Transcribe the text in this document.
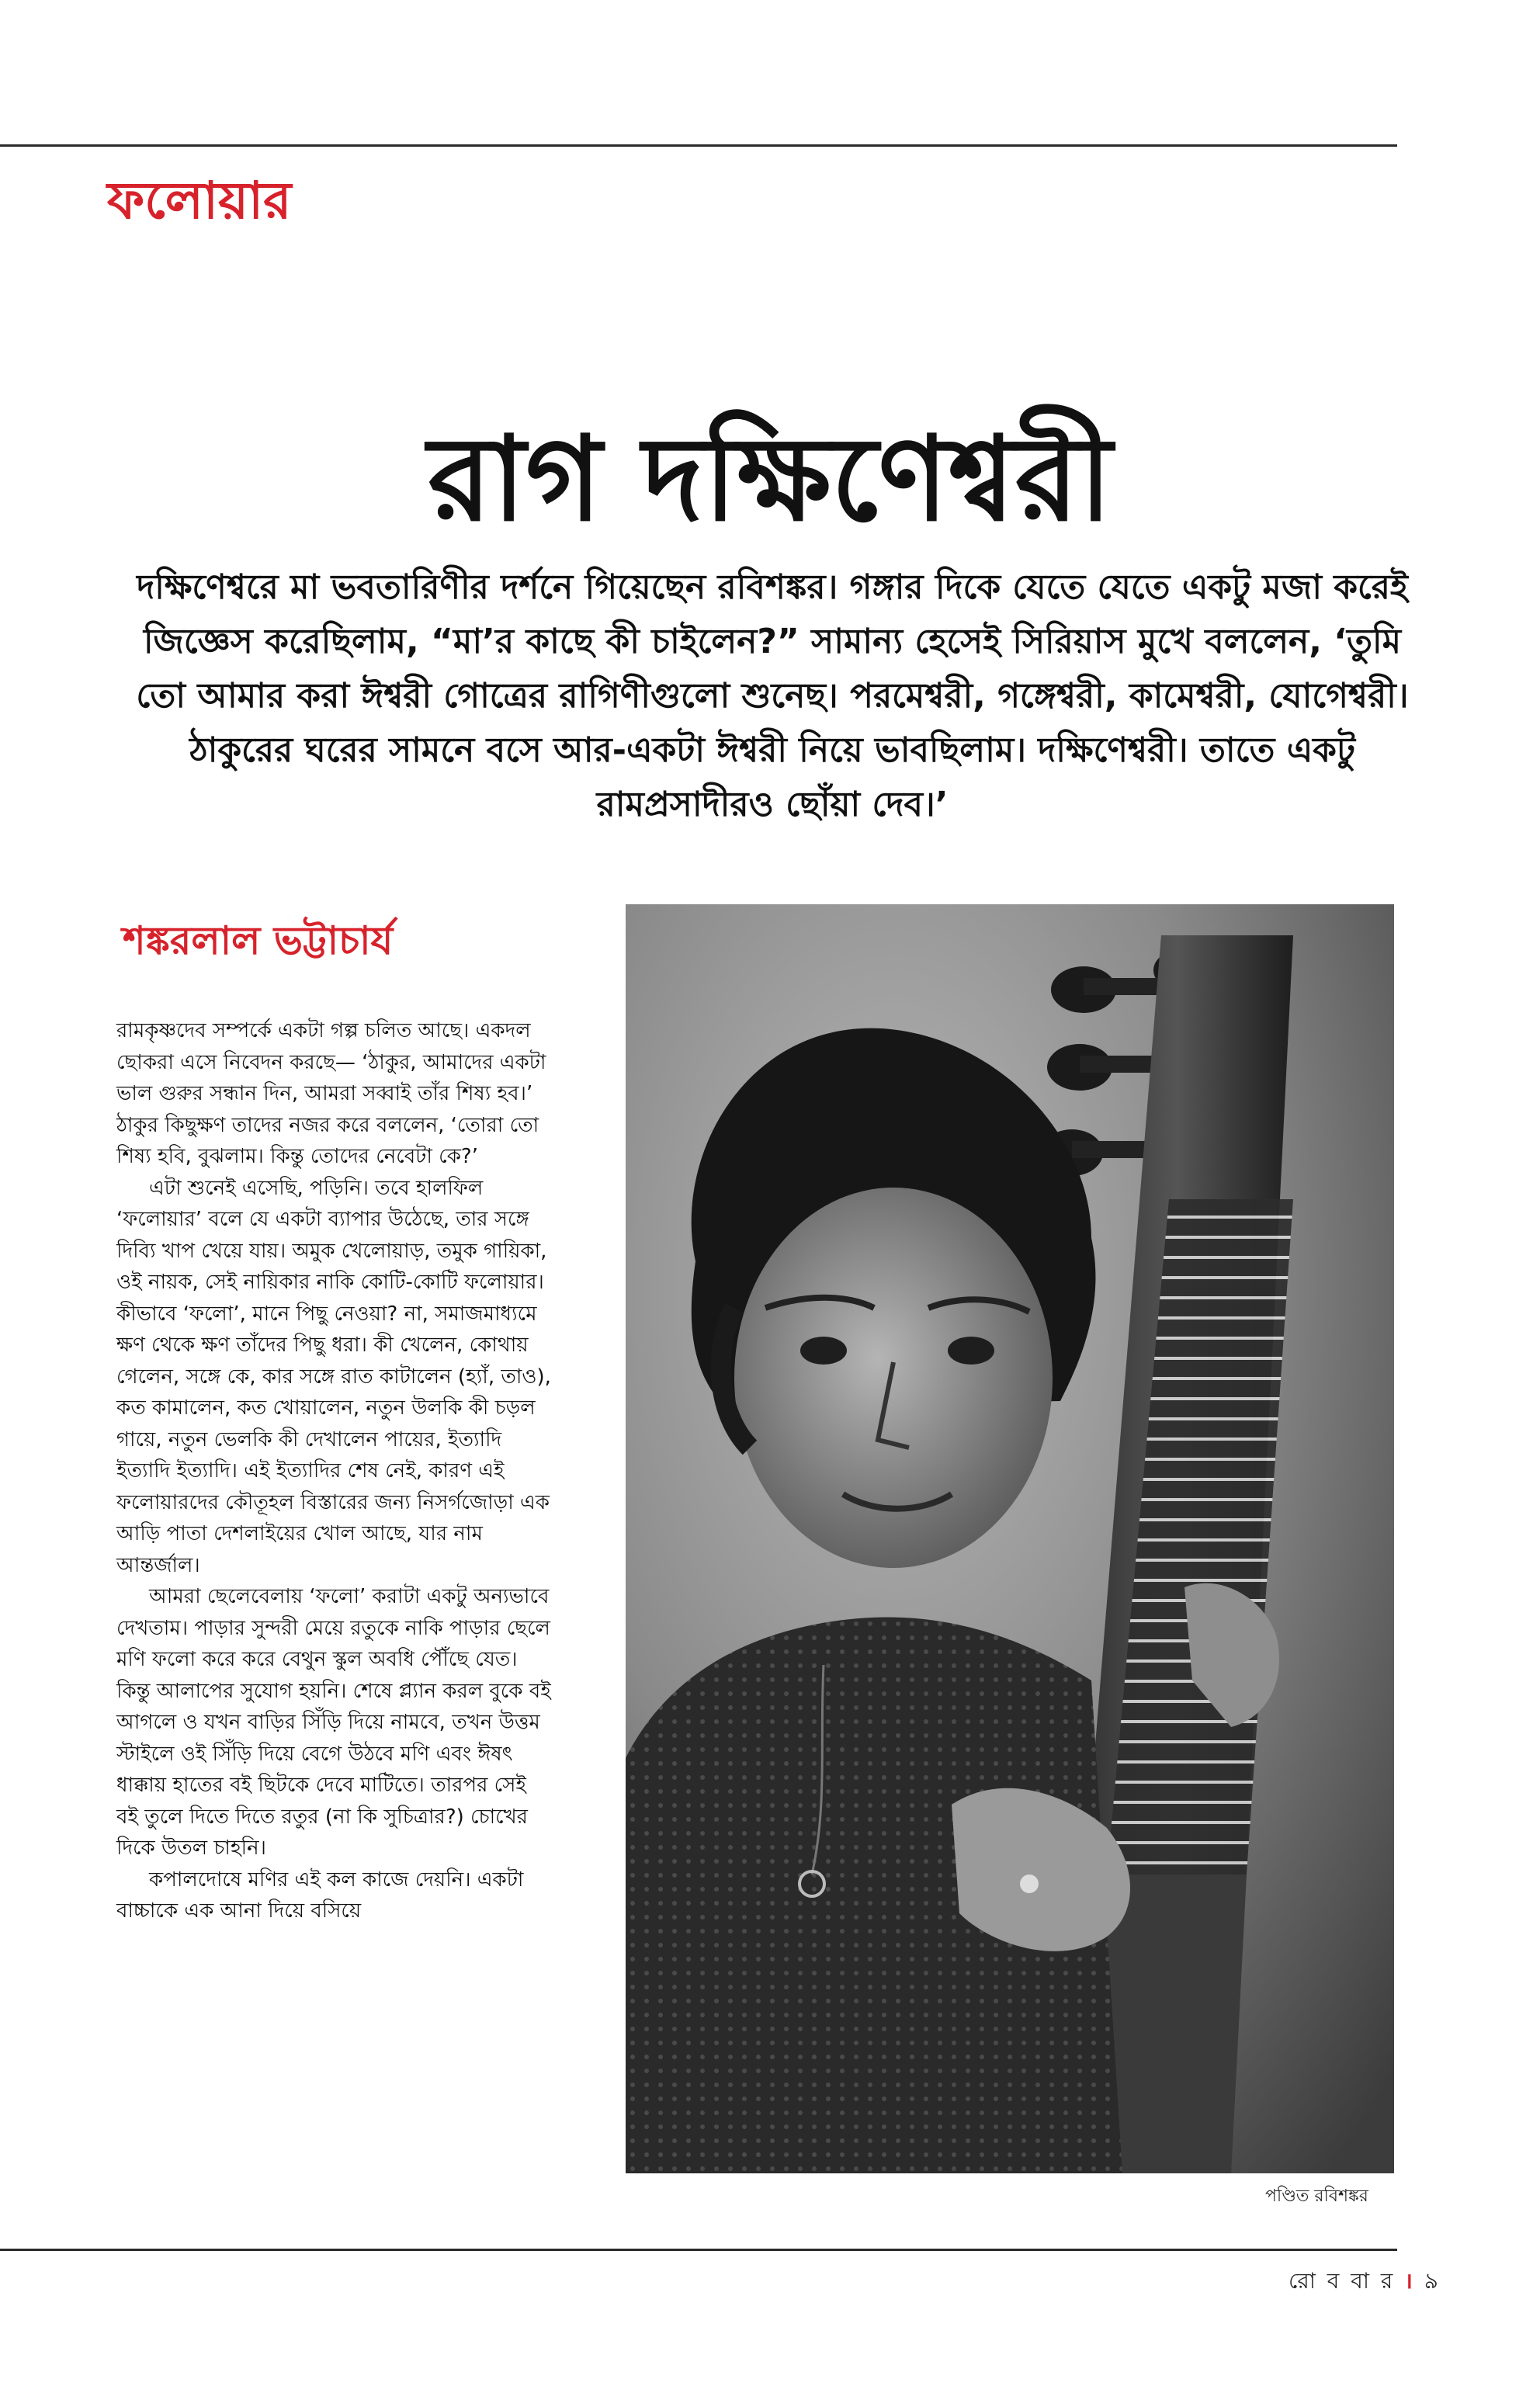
ফলোয়ার
রাগ দক্ষিণেশ্বরী
দক্ষিণেশ্বরে মা ভবতারিণীর দর্শনে গিয়েছেন রবিশঙ্কর। গঙ্গার দিকে যেতে যেতে একটু মজা করেই জিজ্ঞেস করেছিলাম, “মা’র কাছে কী চাইলেন?” সামান্য হেসেই সিরিয়াস মুখে বললেন, ‘তুমি তো আমার করা ঈশ্বরী গোত্রের রাগিণীগুলো শুনেছ। পরমেশ্বরী, গঙ্গেশ্বরী, কামেশ্বরী, যোগেশ্বরী। ঠাকুরের ঘরের সামনে বসে আর-একটা ঈশ্বরী নিয়ে ভাবছিলাম। দক্ষিণেশ্বরী। তাতে একটু রামপ্রসাদীরও ছোঁয়া দেব।’
শঙ্করলাল ভট্টাচার্য

রামকৃষ্ণদেব সম্পর্কে একটা গল্প চলিত আছে। একদল ছোকরা এসে নিবেদন করছে— ‘ঠাকুর, আমাদের একটা ভাল গুরুর সন্ধান দিন, আমরা সব্বাই তাঁর শিষ্য হব।’ ঠাকুর কিছুক্ষণ তাদের নজর করে বললেন, ‘তোরা তো শিষ্য হবি, বুঝলাম। কিন্তু তোদের নেবেটা কে?’

এটা শুনেই এসেছি, পড়িনি। তবে হালফিল ‘ফলোয়ার’ বলে যে একটা ব্যাপার উঠেছে, তার সঙ্গে দিব্যি খাপ খেয়ে যায়। অমুক খেলোয়াড়, তমুক গায়িকা, ওই নায়ক, সেই নায়িকার নাকি কোটি-কোটি ফলোয়ার। কীভাবে ‘ফলো’, মানে পিছু নেওয়া? না, সমাজমাধ্যমে ক্ষণ থেকে ক্ষণ তাঁদের পিছু ধরা। কী খেলেন, কোথায় গেলেন, সঙ্গে কে, কার সঙ্গে রাত কাটালেন (হ্যাঁ, তাও), কত কামালেন, কত খোয়ালেন, নতুন উলকি কী চড়ল গায়ে, নতুন ভেলকি কী দেখালেন পায়ের, ইত্যাদি ইত্যাদি ইত্যাদি। এই ইত্যাদির শেষ নেই, কারণ এই ফলোয়ারদের কৌতূহল বিস্তারের জন্য নিসর্গজোড়া এক আড়ি পাতা দেশলাইয়ের খোল আছে, যার নাম আন্তর্জাল।

আমরা ছেলেবেলায় ‘ফলো’ করাটা একটু অন্যভাবে দেখতাম। পাড়ার সুন্দরী মেয়ে রতুকে নাকি পাড়ার ছেলে মণি ফলো করে করে বেথুন স্কুল অবধি পৌঁছে যেত। কিন্তু আলাপের সুযোগ হয়নি। শেষে প্ল্যান করল বুকে বই আগলে ও যখন বাড়ির সিঁড়ি দিয়ে নামবে, তখন উত্তম স্টাইলে ওই সিঁড়ি দিয়ে বেগে উঠবে মণি এবং ঈষৎ ধাক্কায় হাতের বই ছিটকে দেবে মাটিতে। তারপর সেই বই তুলে দিতে দিতে রতুর (না কি সুচিত্রার?) চোখের দিকে উতল চাহনি।

কপালদোষে মণির এই কল কাজে দেয়নি। একটা বাচ্চাকে এক আনা দিয়ে বসিয়ে

পণ্ডিত রবিশঙ্কর
রো ব বা র । ৯
